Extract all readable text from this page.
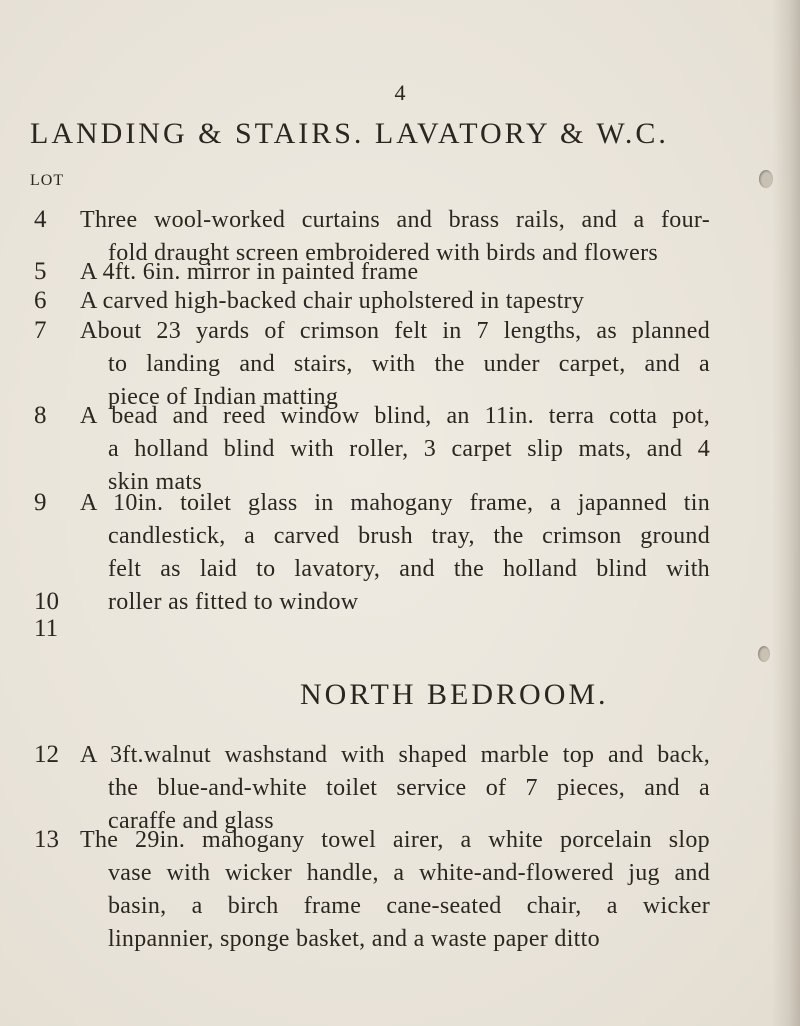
4
LANDING & STAIRS. LAVATORY & W.C.
LOT
4	Three wool-worked curtains and brass rails, and a four-
fold draught screen embroidered with birds and flowers
5	A 4ft. 6in. mirror in painted frame
6	A carved high-backed chair upholstered in tapestry
7	About 23 yards of crimson felt in 7 lengths, as planned
to landing and stairs, with the under carpet, and a
piece of Indian matting
8	A bead and reed window blind, an 11in. terra cotta pot,
a holland blind with roller, 3 carpet slip mats, and 4
skin mats
9	A 10in. toilet glass in mahogany frame, a japanned tin
candlestick, a carved brush tray, the crimson ground
felt as laid to lavatory, and the holland blind with
roller as fitted to window
10
11
NORTH BEDROOM.
12 A 3ft.walnut washstand with shaped marble top and back,
the blue-and-white toilet service of 7 pieces, and a
caraffe and glass
13 The 29in. mahogany towel airer, a white porcelain slop
vase with wicker handle, a white-and-flowered jug and
basin, a birch frame cane-seated chair, a wicker
linpannier, sponge basket, and a waste paper ditto
